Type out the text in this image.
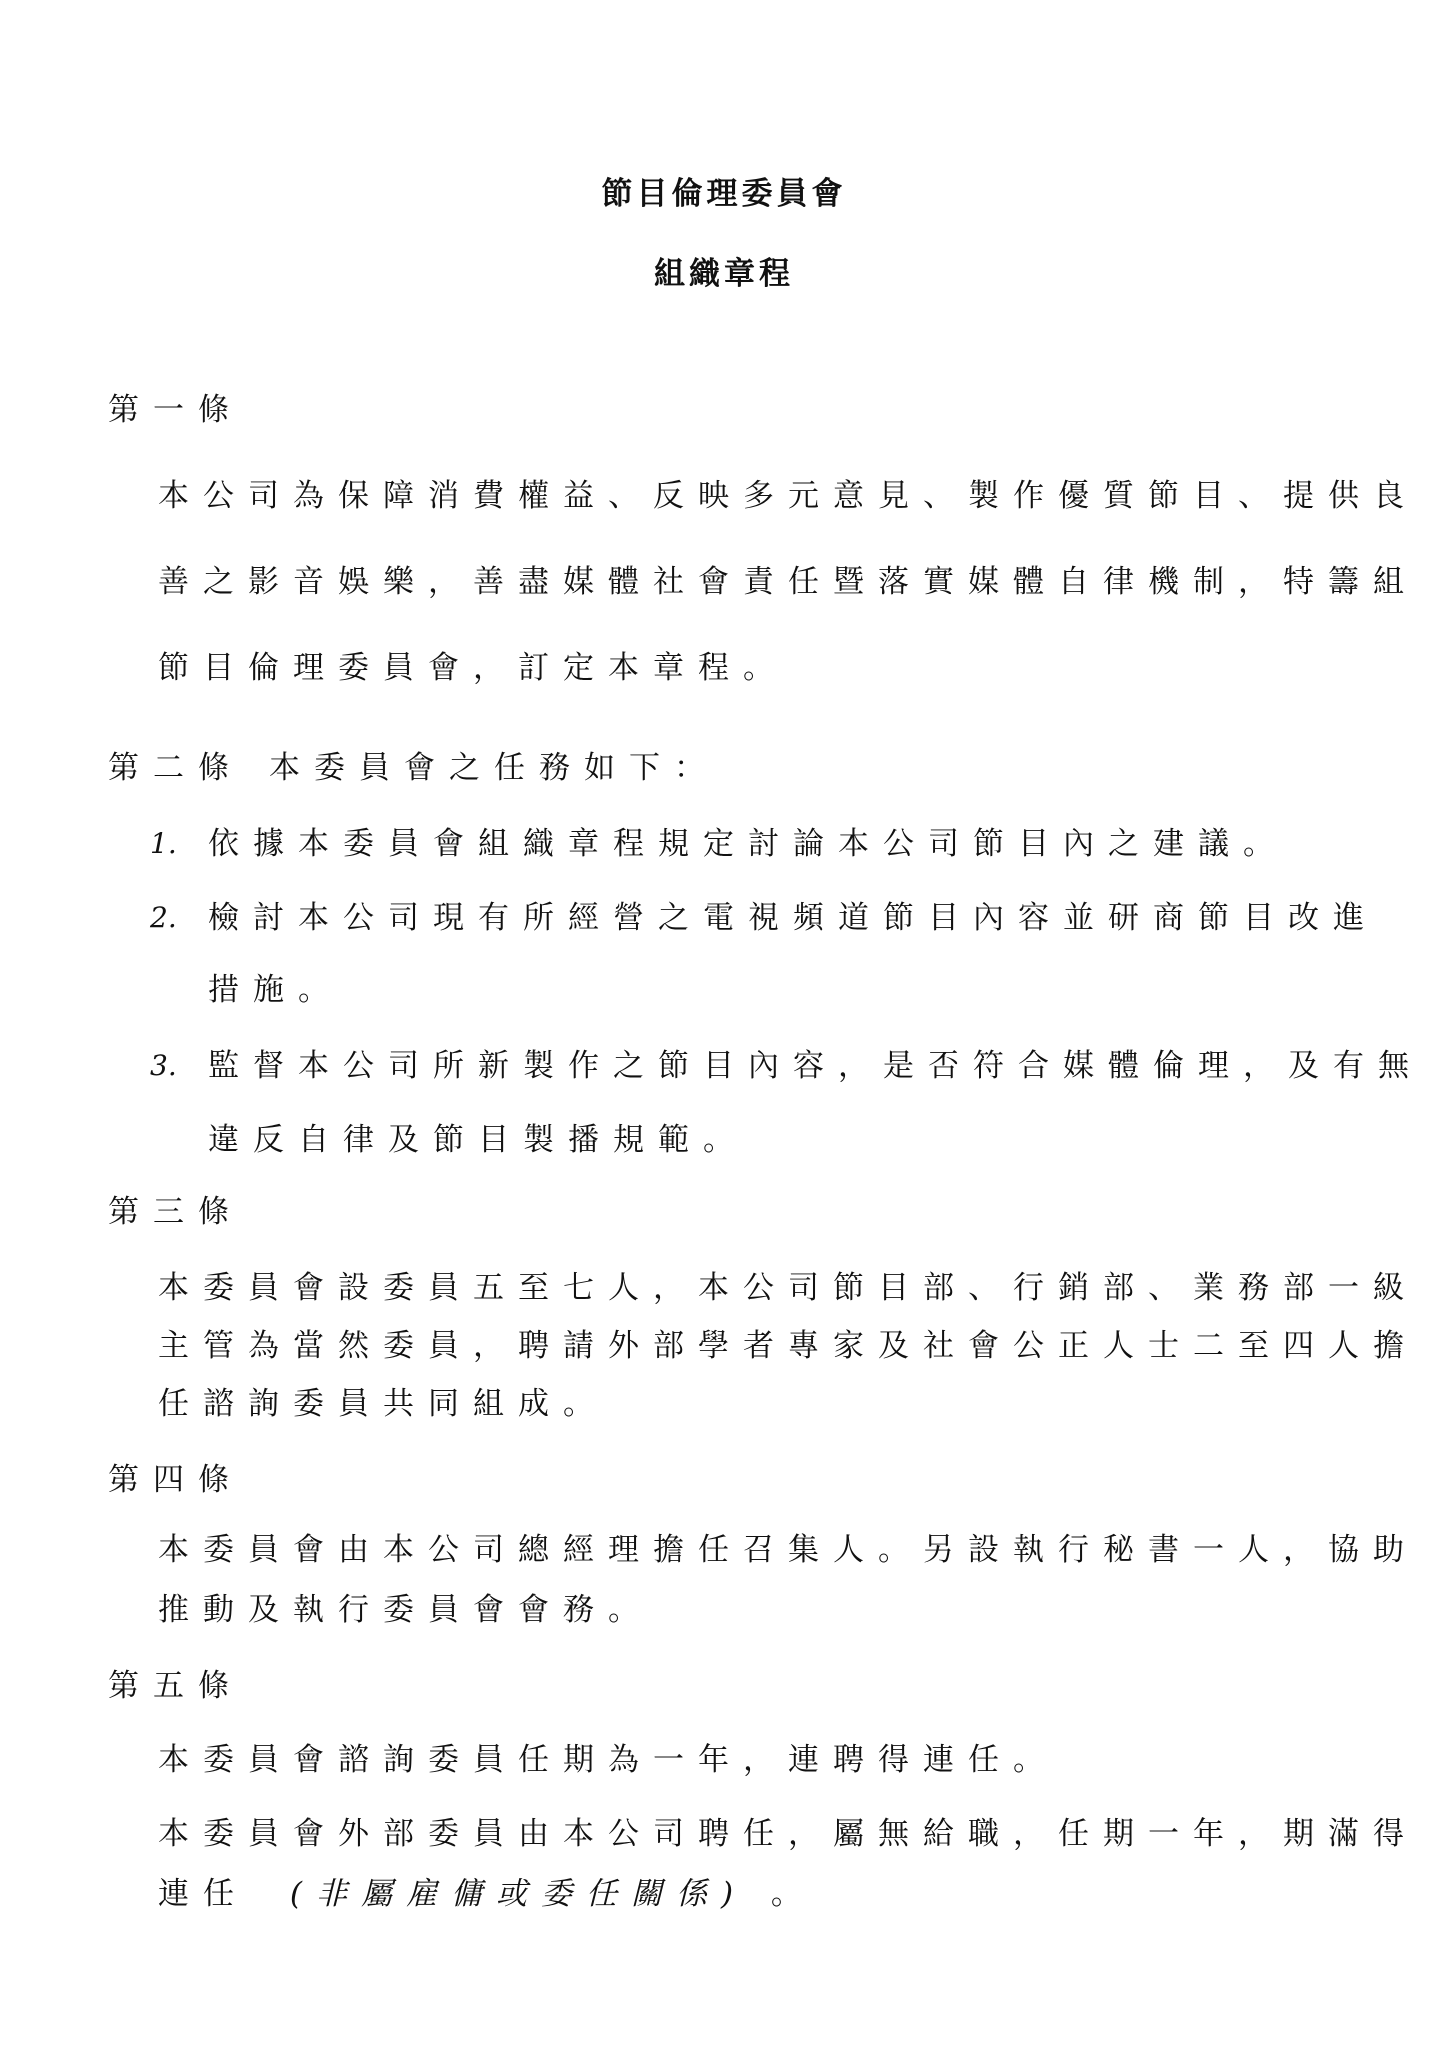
節目倫理委員會
組織章程
第一條
本公司為保障消費權益、反映多元意見、製作優質節目、提供良
善之影音娛樂，善盡媒體社會責任暨落實媒體自律機制，特籌組
節目倫理委員會，訂定本章程。
第二條 本委員會之任務如下：
1. 依據本委員會組織章程規定討論本公司節目內之建議。
2. 檢討本公司現有所經營之電視頻道節目內容並研商節目改進
措施。
3. 監督本公司所新製作之節目內容，是否符合媒體倫理，及有無
違反自律及節目製播規範。
第三條
本委員會設委員五至七人，本公司節目部、行銷部、業務部一級
主管為當然委員，聘請外部學者專家及社會公正人士二至四人擔
任諮詢委員共同組成。
第四條
本委員會由本公司總經理擔任召集人。另設執行秘書一人，協助
推動及執行委員會會務。
第五條
本委員會諮詢委員任期為一年，連聘得連任。
本委員會外部委員由本公司聘任，屬無給職，任期一年，期滿得
連任 (非屬雇傭或委任關係) 。
